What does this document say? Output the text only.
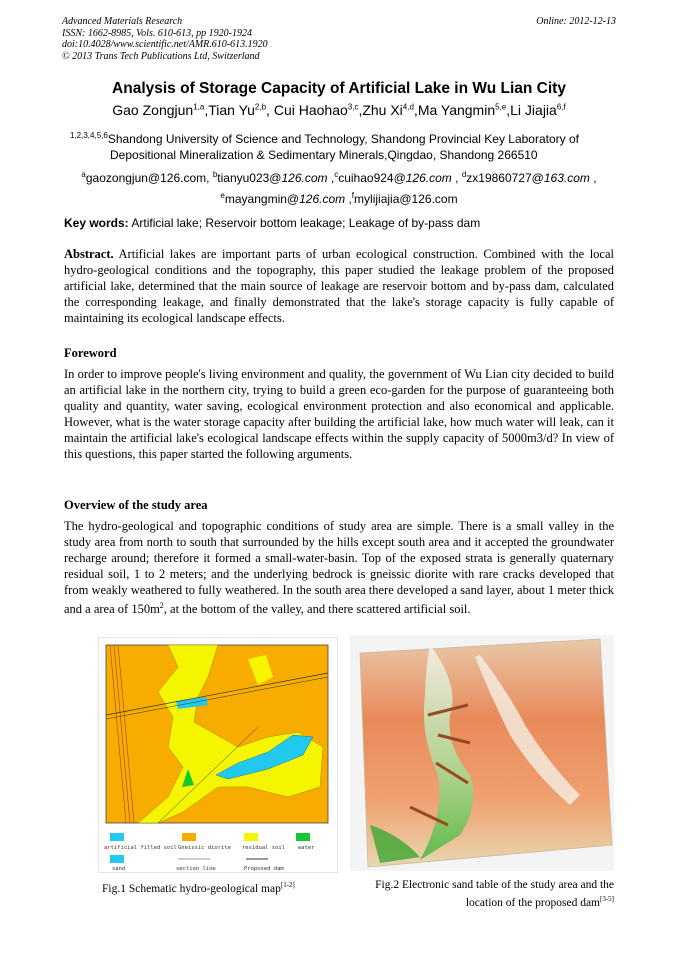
Advanced Materials Research
ISSN: 1662-8985, Vols. 610-613, pp 1920-1924
doi:10.4028/www.scientific.net/AMR.610-613.1920
© 2013 Trans Tech Publications Ltd, Switzerland
Online: 2012-12-13
Analysis of Storage Capacity of Artificial Lake in Wu Lian City
Gao Zongjun$^{1,a}$,Tian Yu$^{2,b}$, Cui Haohao$^{3,c}$,Zhu Xi$^{4,d}$,Ma Yangmin$^{5,e}$,Li Jiajia$^{6,f}$
$^{1,2,3,4,5,6}$Shandong University of Science and Technology, Shandong Provincial Key Laboratory of
Depositional Mineralization & Sedimentary Minerals,Qingdao, Shandong 266510
$^a$gaozongjun@126.com, $^b$tianyu023@126.com ,$^c$cuihao924@126.com , $^d$zx19860727@163.com ,
$^e$mayangmin@126.com ,$^f$mylijiajia@126.com
Key words: Artificial lake; Reservoir bottom leakage; Leakage of by-pass dam
Abstract. Artificial lakes are important parts of urban ecological construction. Combined with the local hydro-geological conditions and the topography, this paper studied the leakage problem of the proposed artificial lake, determined that the main source of leakage are reservoir bottom and by-pass dam, calculated the corresponding leakage, and finally demonstrated that the lake's storage capacity is fully capable of maintaining its ecological landscape effects.
Foreword
In order to improve people's living environment and quality, the government of Wu Lian city decided to build an artificial lake in the northern city, trying to build a green eco-garden for the purpose of guaranteeing both quality and quantity, water saving, ecological environment protection and also economical and applicable. However, what is the water storage capacity after building the artificial lake, how much water will leak, can it maintain the artificial lake's ecological landscape effects within the supply capacity of 5000m3/d? In view of this questions, this paper started the following arguments.
Overview of the study area
The hydro-geological and topographic conditions of study area are simple. There is a small valley in the study area from north to south that surrounded by the hills except south area and it accepted the groundwater recharge around; therefore it formed a small-water-basin. Top of the exposed strata is generally quaternary residual soil, 1 to 2 meters; and the underlying bedrock is gneissic diorite with rare cracks developed that from weakly weathered to fully weathered. In the south area there developed a sand layer, about 1 meter thick and a area of $150m^2$, at the bottom of the valley, and there scattered artificial soil.
artificial filled soil Gneissic diorite residual soil water
sand	section line	Proposed dam
Fig.1 Schematic hydro-geological map[1-2]	Fig.2 Electronic sand table of the study area and the location of the proposed dam[3-5]
